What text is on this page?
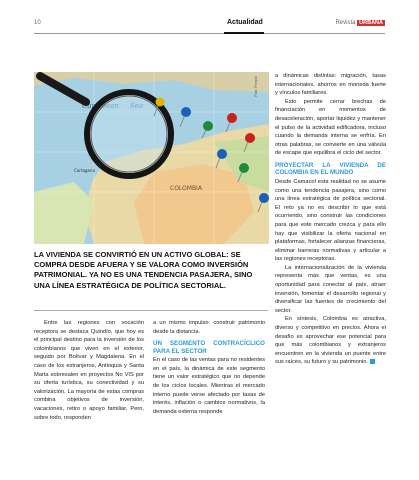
10	Actualidad	Revista URBANA
Caribbean Sea
COLOMBIA
Cartagena
Foto: Freepik

LA VIVIENDA SE CONVIRTIÓ EN UN ACTIVO GLOBAL: SE COMPRA DESDE AFUERA Y SE VALORA COMO INVERSIÓN PATRIMONIAL. YA NO ES UNA TENDENCIA PASAJERA, SINO UNA LÍNEA ESTRATÉGICA DE POLÍTICA SECTORIAL.

Entre las regiones con vocación receptora se destaca Quindío, que hoy es el principal destino para la inversión de los colombianos que viven en el exterior, seguido por Bolívar y Magdalena. En el caso de los extranjeros, Antioquia y Santa Marta sobresalen en proyectos No VIS por su oferta turística, su conectividad y su valorización. La mayoría de estas compras combina objetivos de inversión, vacaciones, retiro o apoyo familiar. Pero, sobre todo, responden

a un mismo impulso: construir patrimonio desde la distancia.

UN SEGMENTO CONTRACÍCLICO PARA EL SECTOR

En el caso de las ventas para no residentes en el país, la dinámica de este segmento tiene un valor estratégico que no depende de los ciclos locales. Mientras el mercado interno puede verse afectado por tasas de interés, inflación o cambios normativos, la demanda externa responde

a dinámicas distintas: migración, tasas internacionales, ahorros en moneda fuerte y vínculos familiares.

Esto permite cerrar brechas de financiación en momentos de desaceleración, aportar liquidez y mantener el pulso de la actividad edificadora, incluso cuando la demanda interna se enfría. En otras palabras, se convierte en una válvula de escape que equilibra el ciclo del sector.

PROYECTAR LA VIVIENDA DE COLOMBIA EN EL MUNDO

Desde Camacol esta realidad no se asume como una tendencia pasajera, sino como una línea estratégica de política sectorial. El reto ya no es describir lo que está ocurriendo, sino construir las condiciones para que este mercado crezca y para ello hay que visibilizar la oferta nacional en plataformas, fortalecer alianzas financieras, eliminar barreras normativas y articular a las regiones receptoras.

La internacionalización de la vivienda representa más que ventas, es una oportunidad para conectar al país, atraer inversión, fomentar el desarrollo regional y diversificar las fuentes de crecimiento del sector.

En síntesis, Colombia es atractiva, diverso y competitivo en precios. Ahora el desafío es aprovechar ese potencial para que más colombianos y extranjeros encuentren en la vivienda un puente entre sus raíces, su futuro y su patrimonio.
